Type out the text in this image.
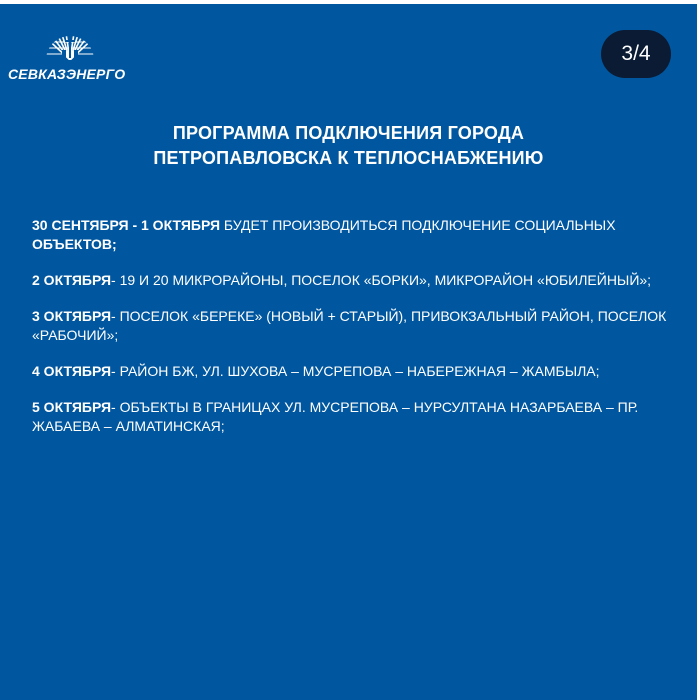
СЕВКАЗЭНЕРГО
3/4
ПРОГРАММА ПОДКЛЮЧЕНИЯ ГОРОДА
ПЕТРОПАВЛОВСКА К ТЕПЛОСНАБЖЕНИЮ
30 СЕНТЯБРЯ - 1 ОКТЯБРЯ БУДЕТ ПРОИЗВОДИТЬСЯ ПОДКЛЮЧЕНИЕ СОЦИАЛЬНЫХ ОБЪЕКТОВ;
2 ОКТЯБРЯ- 19 И 20 МИКРОРАЙОНЫ, ПОСЕЛОК «БОРКИ», МИКРОРАЙОН «ЮБИЛЕЙНЫЙ»;
3 ОКТЯБРЯ- ПОСЕЛОК «БЕРЕКЕ» (НОВЫЙ + СТАРЫЙ), ПРИВОКЗАЛЬНЫЙ РАЙОН, ПОСЕЛОК «РАБОЧИЙ»;
4 ОКТЯБРЯ- РАЙОН БЖ, УЛ. ШУХОВА – МУСРЕПОВА – НАБЕРЕЖНАЯ – ЖАМБЫЛА;
5 ОКТЯБРЯ- ОБЪЕКТЫ В ГРАНИЦАХ УЛ. МУСРЕПОВА – НУРСУЛТАНА НАЗАРБАЕВА – ПР. ЖАБАЕВА – АЛМАТИНСКАЯ;
